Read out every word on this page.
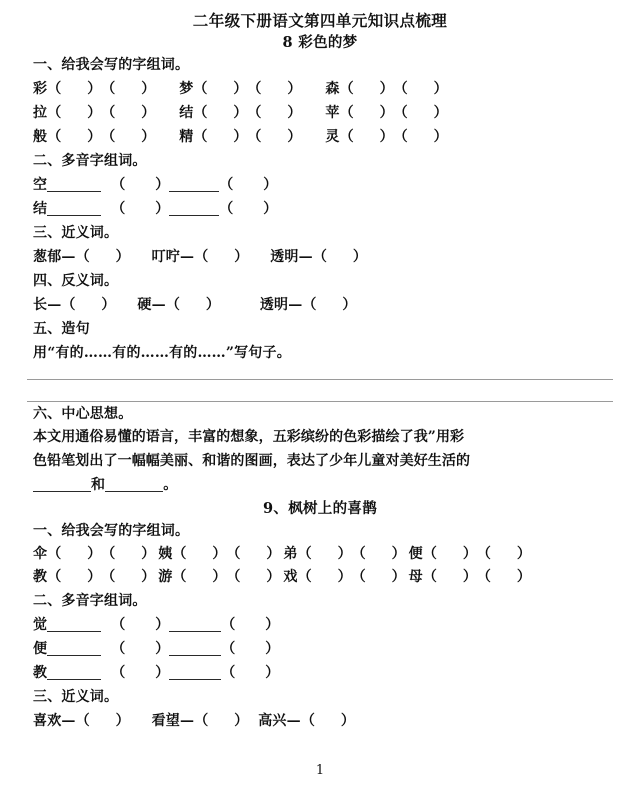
二年级下册语文第四单元知识点梳理
8 彩色的梦
一、给我会写的字组词。
彩（ ）（ ） 梦（ ）（ ） 森（ ）（ ）
拉（ ）（ ） 结（ ）（ ） 苹（ ）（ ）
般（ ）（ ） 精（ ）（ ） 灵（ ）（ ）
二、多音字组词。
空	（ ）	（ ）
结	（ ）	（ ）
三、近义词。
葱郁—（ ） 叮咛—（ ） 透明—（ ）
四、反义词。
长—（ ） 硬—（ ）	透明—（ ）
五、造句
用“有的……有的……有的……”写句子。
六、中心思想。
本文用通俗易懂的语言，丰富的想象，五彩缤纷的色彩描绘了我”用彩
色铅笔划出了一幅幅美丽、和谐的图画，表达了少年儿童对美好生活的
和	。
9、枫树上的喜鹊
一、给我会写的字组词。
伞（ ）（ ） 姨（ ）（ ） 弟（ ）（ ） 便（ ）（ ）
教（ ）（ ） 游（ ）（ ） 戏（ ）（ ） 母（ ）（ ）
二、多音字组词。
觉	（ ）	（ ）
便	（ ）	（ ）
教	（ ）	（ ）
三、近义词。
喜欢—（ ） 看望—（ ） 高兴—（ ）
1
